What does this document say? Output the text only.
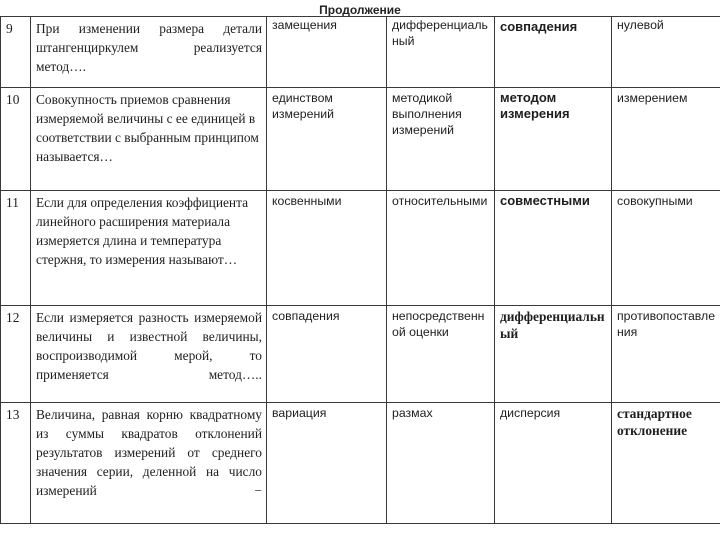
Продолжение
9	При изменении размера детали штангенциркулем реализуется метод….	замещения	дифференциальный	совпадения	нулевой

10	Совокупность приемов сравнения измеряемой величины с ее единицей в соответствии с выбранным принципом называется…	единством измерений	методикой выполнения измерений	методом измерения	измерением

11	Если для определения коэффициента линейного расширения материала измеряется длина и температура стержня, то измерения называют…	косвенными	относительными	совместными	совокупными

12	Если измеряется разность измеряемой величины и известной величины, воспроизводимой мерой, то применяется метод…..	совпадения	непосредственной оценки	дифференциальный	противопоставления

13	Величина, равная корню квадратному из суммы квадратов отклонений результатов измерений от среднего значения серии, деленной на число измерений −	вариация	размах	дисперсия	стандартное отклонение
